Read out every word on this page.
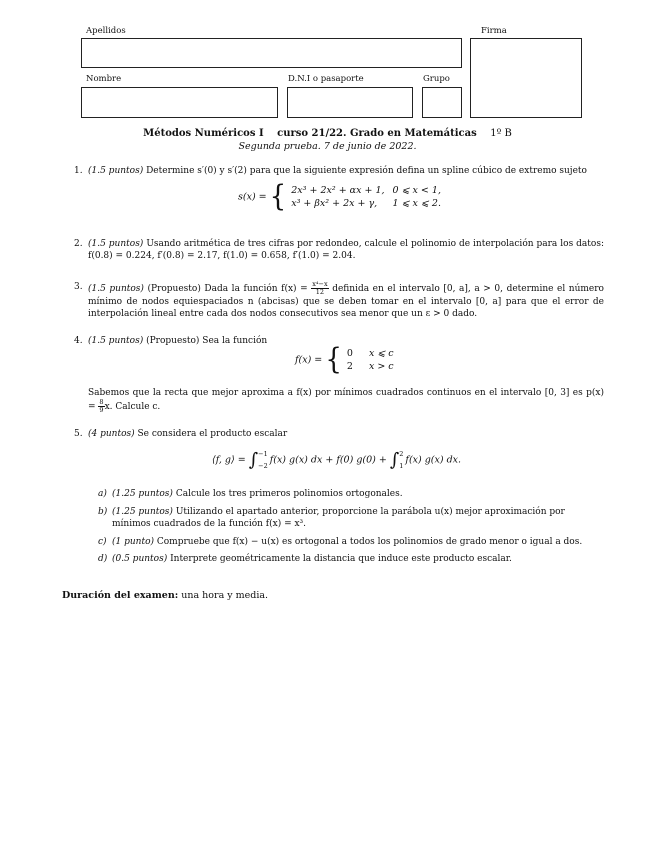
Apellidos	Firma
Nombre	D.N.I o pasaporte	Grupo
Métodos Numéricos I curso 21/22. Grado en Matemáticas 1º B
Segunda prueba. 7 de junio de 2022.
1. (1.5 puntos) Determine s′(0) y s′(2) para que la siguiente expresión defina un spline cúbico de extremo sujeto
s(x) = { 2x³ + 2x² + αx + 1,	0 ⩽ x < 1,
x³ + βx² + 2x + γ,	1 ⩽ x ⩽ 2.
2. (1.5 puntos) Usando aritmética de tres cifras por redondeo, calcule el polinomio de interpolación para los datos: f(0.8) = 0.224, f′(0.8) = 2.17, f(1.0) = 0.658, f′(1.0) = 2.04.
3. (1.5 puntos) (Propuesto) Dada la función $f(x) = \frac{\text{x⁴−x}}{12}$ definida en el intervalo [0, a], a > 0, determine el número mínimo de nodos equiespaciados n (abcisas) que se deben tomar en el intervalo [0, a] para que el error de interpolación lineal entre cada dos nodos consecutivos sea menor que un ε > 0 dado.
4. (1.5 puntos) (Propuesto) Sea la función
f(x) = { 0	x ⩽ c
2	x > c
Sabemos que la recta que mejor aproxima a f(x) por mínimos cuadrados continuos en el intervalo [0, 3] es $p(x) = \frac{8}{9} x$. Calcule c.
5. (4 puntos) Se considera el producto escalar
⟨f, g⟩ = ∫ −1
−2
f(x) g(x) dx + f(0) g(0) + ∫ 2
1
f(x) g(x) dx.
a) (1.25 puntos) Calcule los tres primeros polinomios ortogonales.
b) (1.25 puntos) Utilizando el apartado anterior, proporcione la parábola u(x) mejor aproximación por mínimos cuadrados de la función f(x) = x³.
c) (1 punto) Compruebe que f(x) − u(x) es ortogonal a todos los polinomios de grado menor o igual a dos.
d) (0.5 puntos) Interprete geométricamente la distancia que induce este producto escalar.
Duración del examen: una hora y media.
